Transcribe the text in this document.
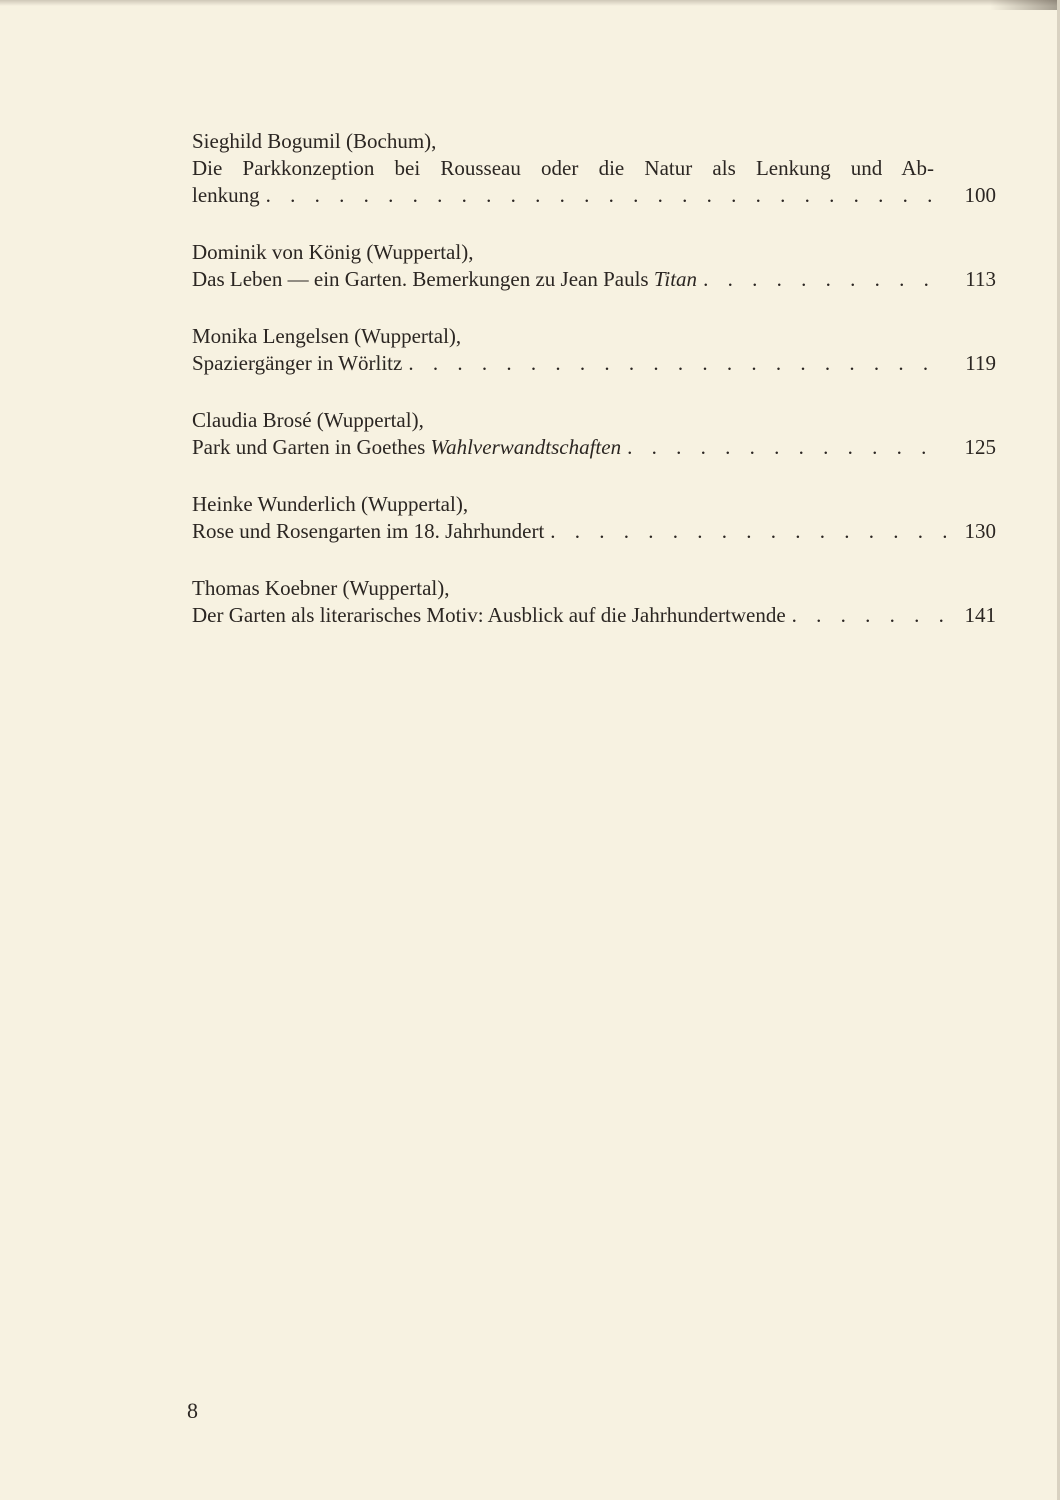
Sieghild Bogumil (Bochum),
Die Parkkonzeption bei Rousseau oder die Natur als Lenkung und Ab-
lenkung . . .	100
Dominik von König (Wuppertal),
Das Leben — ein Garten. Bemerkungen zu Jean Pauls Titan . . .	113
Monika Lengelsen (Wuppertal),
Spaziergänger in Wörlitz . . .	119
Claudia Brosé (Wuppertal),
Park und Garten in Goethes Wahlverwandtschaften . . .	125
Heinke Wunderlich (Wuppertal),
Rose und Rosengarten im 18. Jahrhundert . . .	130
Thomas Koebner (Wuppertal),
Der Garten als literarisches Motiv: Ausblick auf die Jahrhundertwende . . .	141
8
